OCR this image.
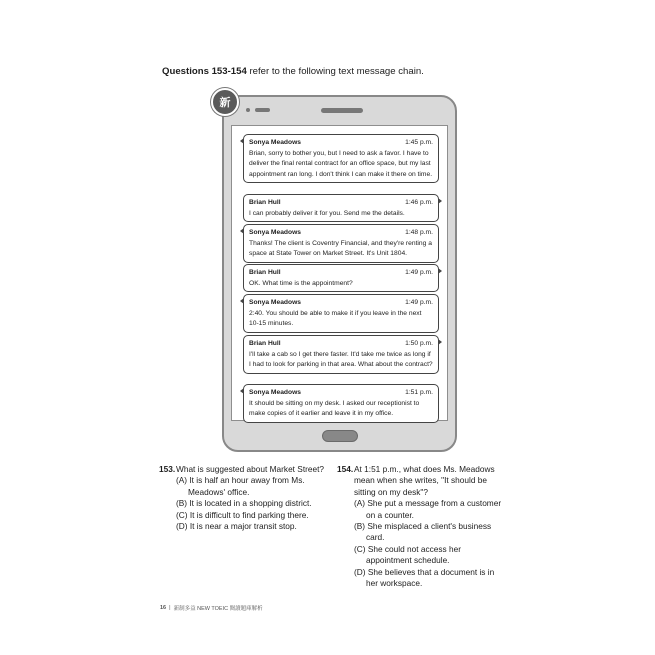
Questions 153-154 refer to the following text message chain.
新
Sonya Meadows	1:45 p.m.
Brian, sorry to bother you, but I need to ask a favor. I have to deliver the final rental contract for an office space, but my last appointment ran long. I don't think I can make it there on time.
Brian Hull	1:46 p.m.
I can probably deliver it for you. Send me the details.
Sonya Meadows	1:48 p.m.
Thanks! The client is Coventry Financial, and they're renting a space at State Tower on Market Street. It's Unit 1804.
Brian Hull	1:49 p.m.
OK. What time is the appointment?
Sonya Meadows	1:49 p.m.
2:40. You should be able to make it if you leave in the next 10-15 minutes.
Brian Hull	1:50 p.m.
I'll take a cab so I get there faster. It'd take me twice as long if I had to look for parking in that area. What about the contract?
Sonya Meadows	1:51 p.m.
It should be sitting on my desk. I asked our receptionist to make copies of it earlier and leave it in my office.
153. What is suggested about Market Street?
(A) It is half an hour away from Ms. Meadows' office.
(B) It is located in a shopping district.
(C) It is difficult to find parking there.
(D) It is near a major transit stop.
154. At 1:51 p.m., what does Ms. Meadows mean when she writes, "It should be sitting on my desk"?
(A) She put a message from a customer on a counter.
(B) She misplaced a client's business card.
(C) She could not access her appointment schedule.
(D) She believes that a document is in her workspace.
16 | 新制多益 NEW TOEIC 閱讀題庫解析
